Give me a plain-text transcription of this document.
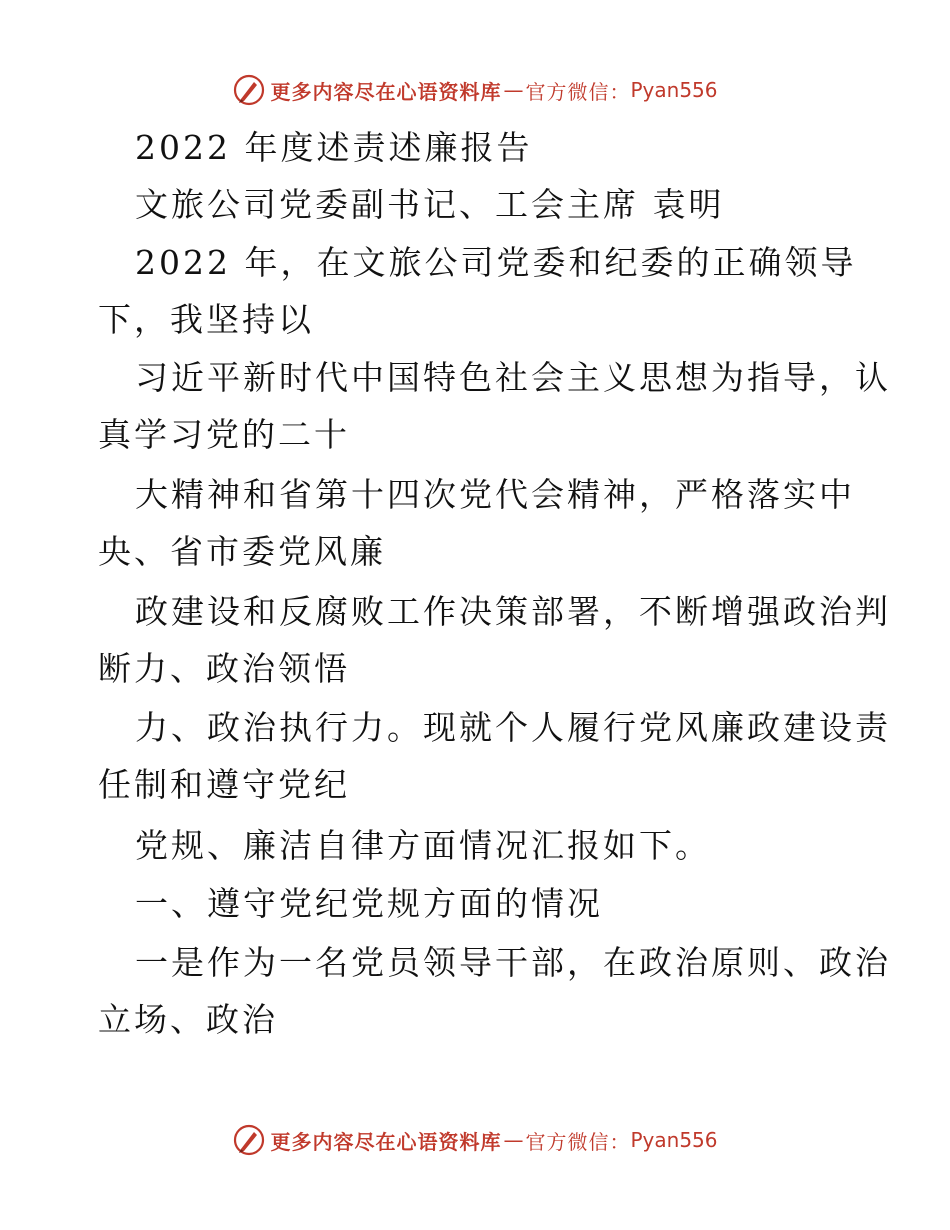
更多内容尽在心语资料库 — 官方微信： Pyan556
2022 年度述责述廉报告
文旅公司党委副书记、工会主席 袁明
2022 年，在文旅公司党委和纪委的正确领导
下，我坚持以
习近平新时代中国特色社会主义思想为指导，认
真学习党的二十
大精神和省第十四次党代会精神，严格落实中
央、省市委党风廉
政建设和反腐败工作决策部署，不断增强政治判
断力、政治领悟
力、政治执行力。现就个人履行党风廉政建设责
任制和遵守党纪
党规、廉洁自律方面情况汇报如下。
一、遵守党纪党规方面的情况
一是作为一名党员领导干部，在政治原则、政治
立场、政治
更多内容尽在心语资料库 — 官方微信： Pyan556
